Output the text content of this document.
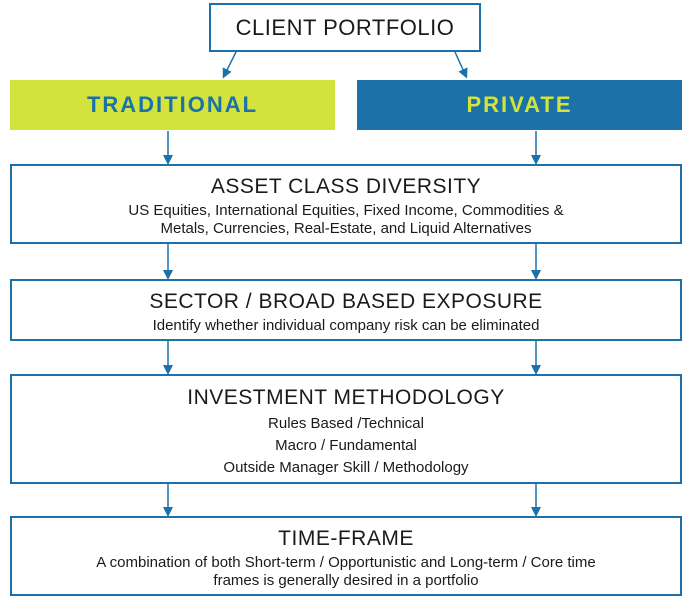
CLIENT PORTFOLIO
TRADITIONAL	PRIVATE
ASSET CLASS DIVERSITY
US Equities, International Equities, Fixed Income, Commodities &
Metals, Currencies, Real-Estate, and Liquid Alternatives
SECTOR / BROAD BASED EXPOSURE
Identify whether individual company risk can be eliminated
INVESTMENT METHODOLOGY
Rules Based /Technical
Macro / Fundamental
Outside Manager Skill / Methodology
TIME-FRAME
A combination of both Short-term / Opportunistic and Long-term / Core time
frames is generally desired in a portfolio
